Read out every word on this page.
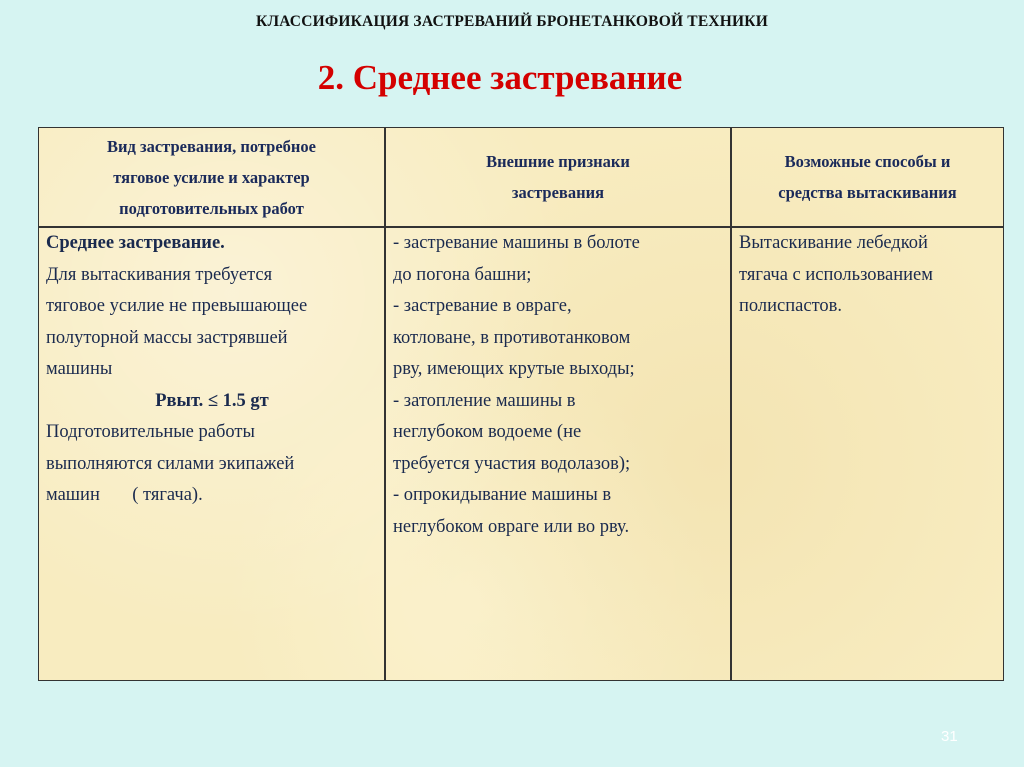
КЛАССИФИКАЦИЯ ЗАСТРЕВАНИЙ БРОНЕТАНКОВОЙ ТЕХНИКИ
2. Среднее застревание
Вид застревания, потребное
тяговое усилие и характер
подготовительных работ
Внешние признаки
застревания
Возможные способы и
средства вытаскивания
Среднее застревание.
Для вытаскивания требуется
тяговое усилие не превышающее
полуторной массы застрявшей
машины
Рвыт. ≤ 1.5 gт
Подготовительные работы
выполняются силами экипажей
машин       ( тягача).
- застревание машины в болоте
до погона башни;
- застревание в овраге,
котловане, в противотанковом
рву, имеющих крутые выходы;
- затопление машины в
неглубоком водоеме (не
требуется участия водолазов);
- опрокидывание машины в
неглубоком овраге или во рву.
Вытаскивание лебедкой
тягача с использованием
полиспастов.
31
